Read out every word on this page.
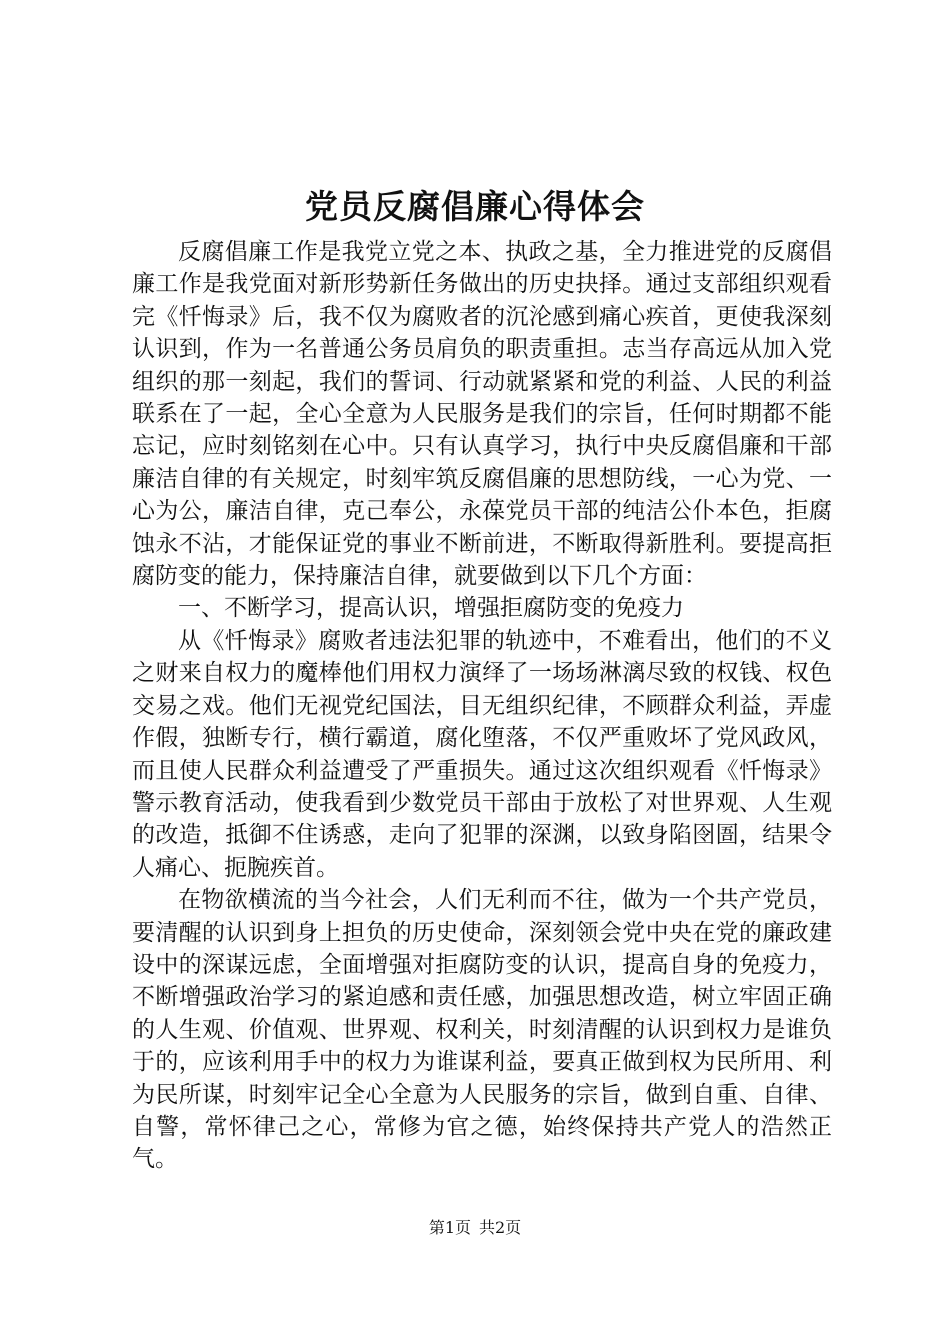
党员反腐倡廉心得体会

反腐倡廉工作是我党立党之本、执政之基，全力推进党的反腐倡廉工作是我党面对新形势新任务做出的历史抉择。通过支部组织观看完《忏悔录》后，我不仅为腐败者的沉沦感到痛心疾首，更使我深刻认识到，作为一名普通公务员肩负的职责重担。志当存高远从加入党组织的那一刻起，我们的誓词、行动就紧紧和党的利益、人民的利益联系在了一起，全心全意为人民服务是我们的宗旨，任何时期都不能忘记，应时刻铭刻在心中。只有认真学习，执行中央反腐倡廉和干部廉洁自律的有关规定，时刻牢筑反腐倡廉的思想防线，一心为党、一心为公，廉洁自律，克己奉公，永葆党员干部的纯洁公仆本色，拒腐蚀永不沾，才能保证党的事业不断前进，不断取得新胜利。要提高拒腐防变的能力，保持廉洁自律，就要做到以下几个方面：

一、不断学习，提高认识，增强拒腐防变的免疫力

从《忏悔录》腐败者违法犯罪的轨迹中，不难看出，他们的不义之财来自权力的魔棒他们用权力演绎了一场场淋漓尽致的权钱、权色交易之戏。他们无视党纪国法，目无组织纪律，不顾群众利益，弄虚作假，独断专行，横行霸道，腐化堕落，不仅严重败坏了党风政风，而且使人民群众利益遭受了严重损失。通过这次组织观看《忏悔录》警示教育活动，使我看到少数党员干部由于放松了对世界观、人生观的改造，抵御不住诱惑，走向了犯罪的深渊，以致身陷囹圄，结果令人痛心、扼腕疾首。

在物欲横流的当今社会，人们无利而不往，做为一个共产党员，要清醒的认识到身上担负的历史使命，深刻领会党中央在党的廉政建设中的深谋远虑，全面增强对拒腐防变的认识，提高自身的免疫力，不断增强政治学习的紧迫感和责任感，加强思想改造，树立牢固正确的人生观、价值观、世界观、权利关，时刻清醒的认识到权力是谁负于的，应该利用手中的权力为谁谋利益，要真正做到权为民所用、利为民所谋，时刻牢记全心全意为人民服务的宗旨，做到自重、自律、自警，常怀律己之心，常修为官之德，始终保持共产党人的浩然正气。

第1页 共2页
